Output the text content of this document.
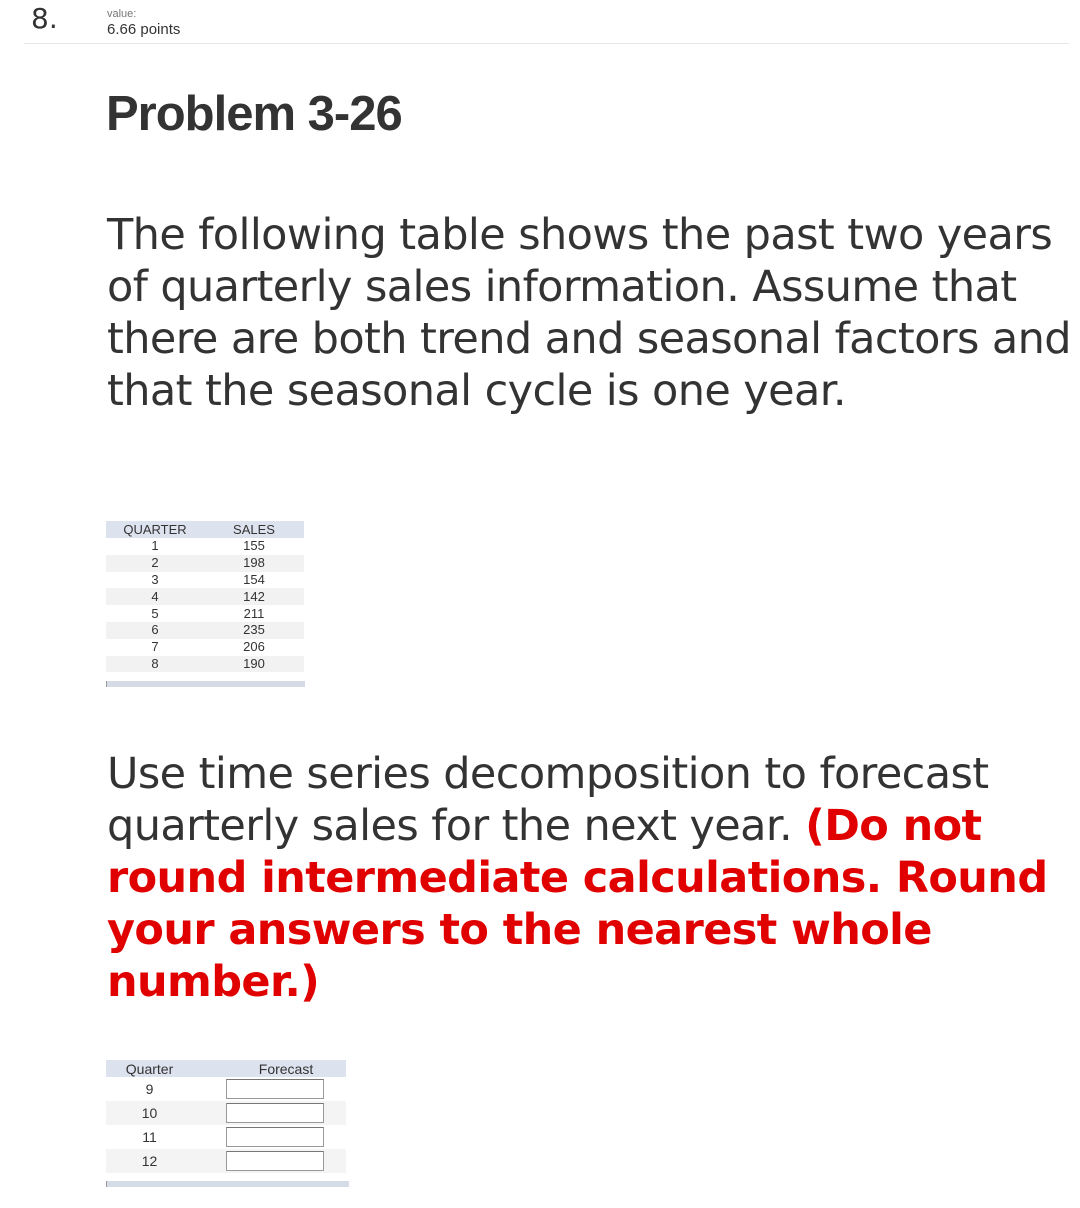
8.	value:
6.66 points
Problem 3-26
The following table shows the past two years of quarterly sales information. Assume that there are both trend and seasonal factors and that the seasonal cycle is one year.
QUARTER	SALES
1	155
2	198
3	154
4	142
5	211
6	235
7	206
8	190
Use time series decomposition to forecast quarterly sales for the next year. (Do not round intermediate calculations. Round your answers to the nearest whole number.)
Quarter		Forecast
9		

10		

11		

12		
